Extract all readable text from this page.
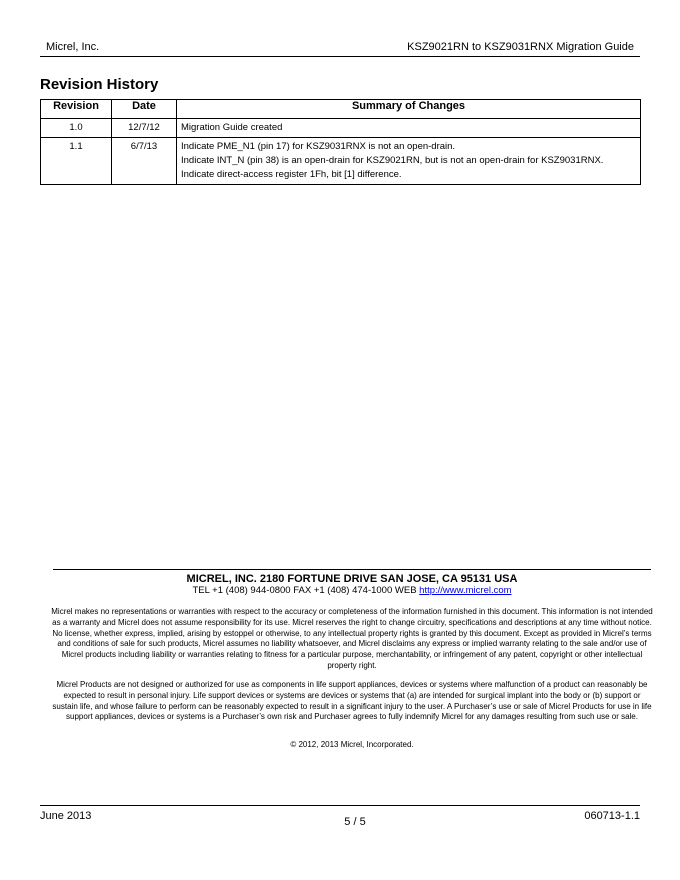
Micrel, Inc.	KSZ9021RN to KSZ9031RNX Migration Guide
Revision History
Revision	Date	Summary of Changes
1.0	12/7/12	Migration Guide created

1.1	6/7/13	Indicate PME_N1 (pin 17) for KSZ9031RNX is not an open-drain.
Indicate INT_N (pin 38) is an open-drain for KSZ9021RN, but is not an open-drain for KSZ9031RNX.
Indicate direct-access register 1Fh, bit [1] difference.
MICREL, INC. 2180 FORTUNE DRIVE SAN JOSE, CA 95131 USA
TEL +1 (408) 944-0800 FAX +1 (408) 474-1000 WEB http://www.micrel.com
Micrel makes no representations or warranties with respect to the accuracy or completeness of the information furnished in this document. This information is not intended as a warranty and Micrel does not assume responsibility for its use. Micrel reserves the right to change circuitry, specifications and descriptions at any time without notice. No license, whether express, implied, arising by estoppel or otherwise, to any intellectual property rights is granted by this document. Except as provided in Micrel’s terms and conditions of sale for such products, Micrel assumes no liability whatsoever, and Micrel disclaims any express or implied warranty relating to the sale and/or use of Micrel products including liability or warranties relating to fitness for a particular purpose, merchantability, or infringement of any patent, copyright or other intellectual property right.
Micrel Products are not designed or authorized for use as components in life support appliances, devices or systems where malfunction of a product can reasonably be expected to result in personal injury. Life support devices or systems are devices or systems that (a) are intended for surgical implant into the body or (b) support or sustain life, and whose failure to perform can be reasonably expected to result in a significant injury to the user. A Purchaser’s use or sale of Micrel Products for use in life support appliances, devices or systems is a Purchaser’s own risk and Purchaser agrees to fully indemnify Micrel for any damages resulting from such use or sale.
© 2012, 2013 Micrel, Incorporated.
June 2013	5 / 5	060713-1.1
